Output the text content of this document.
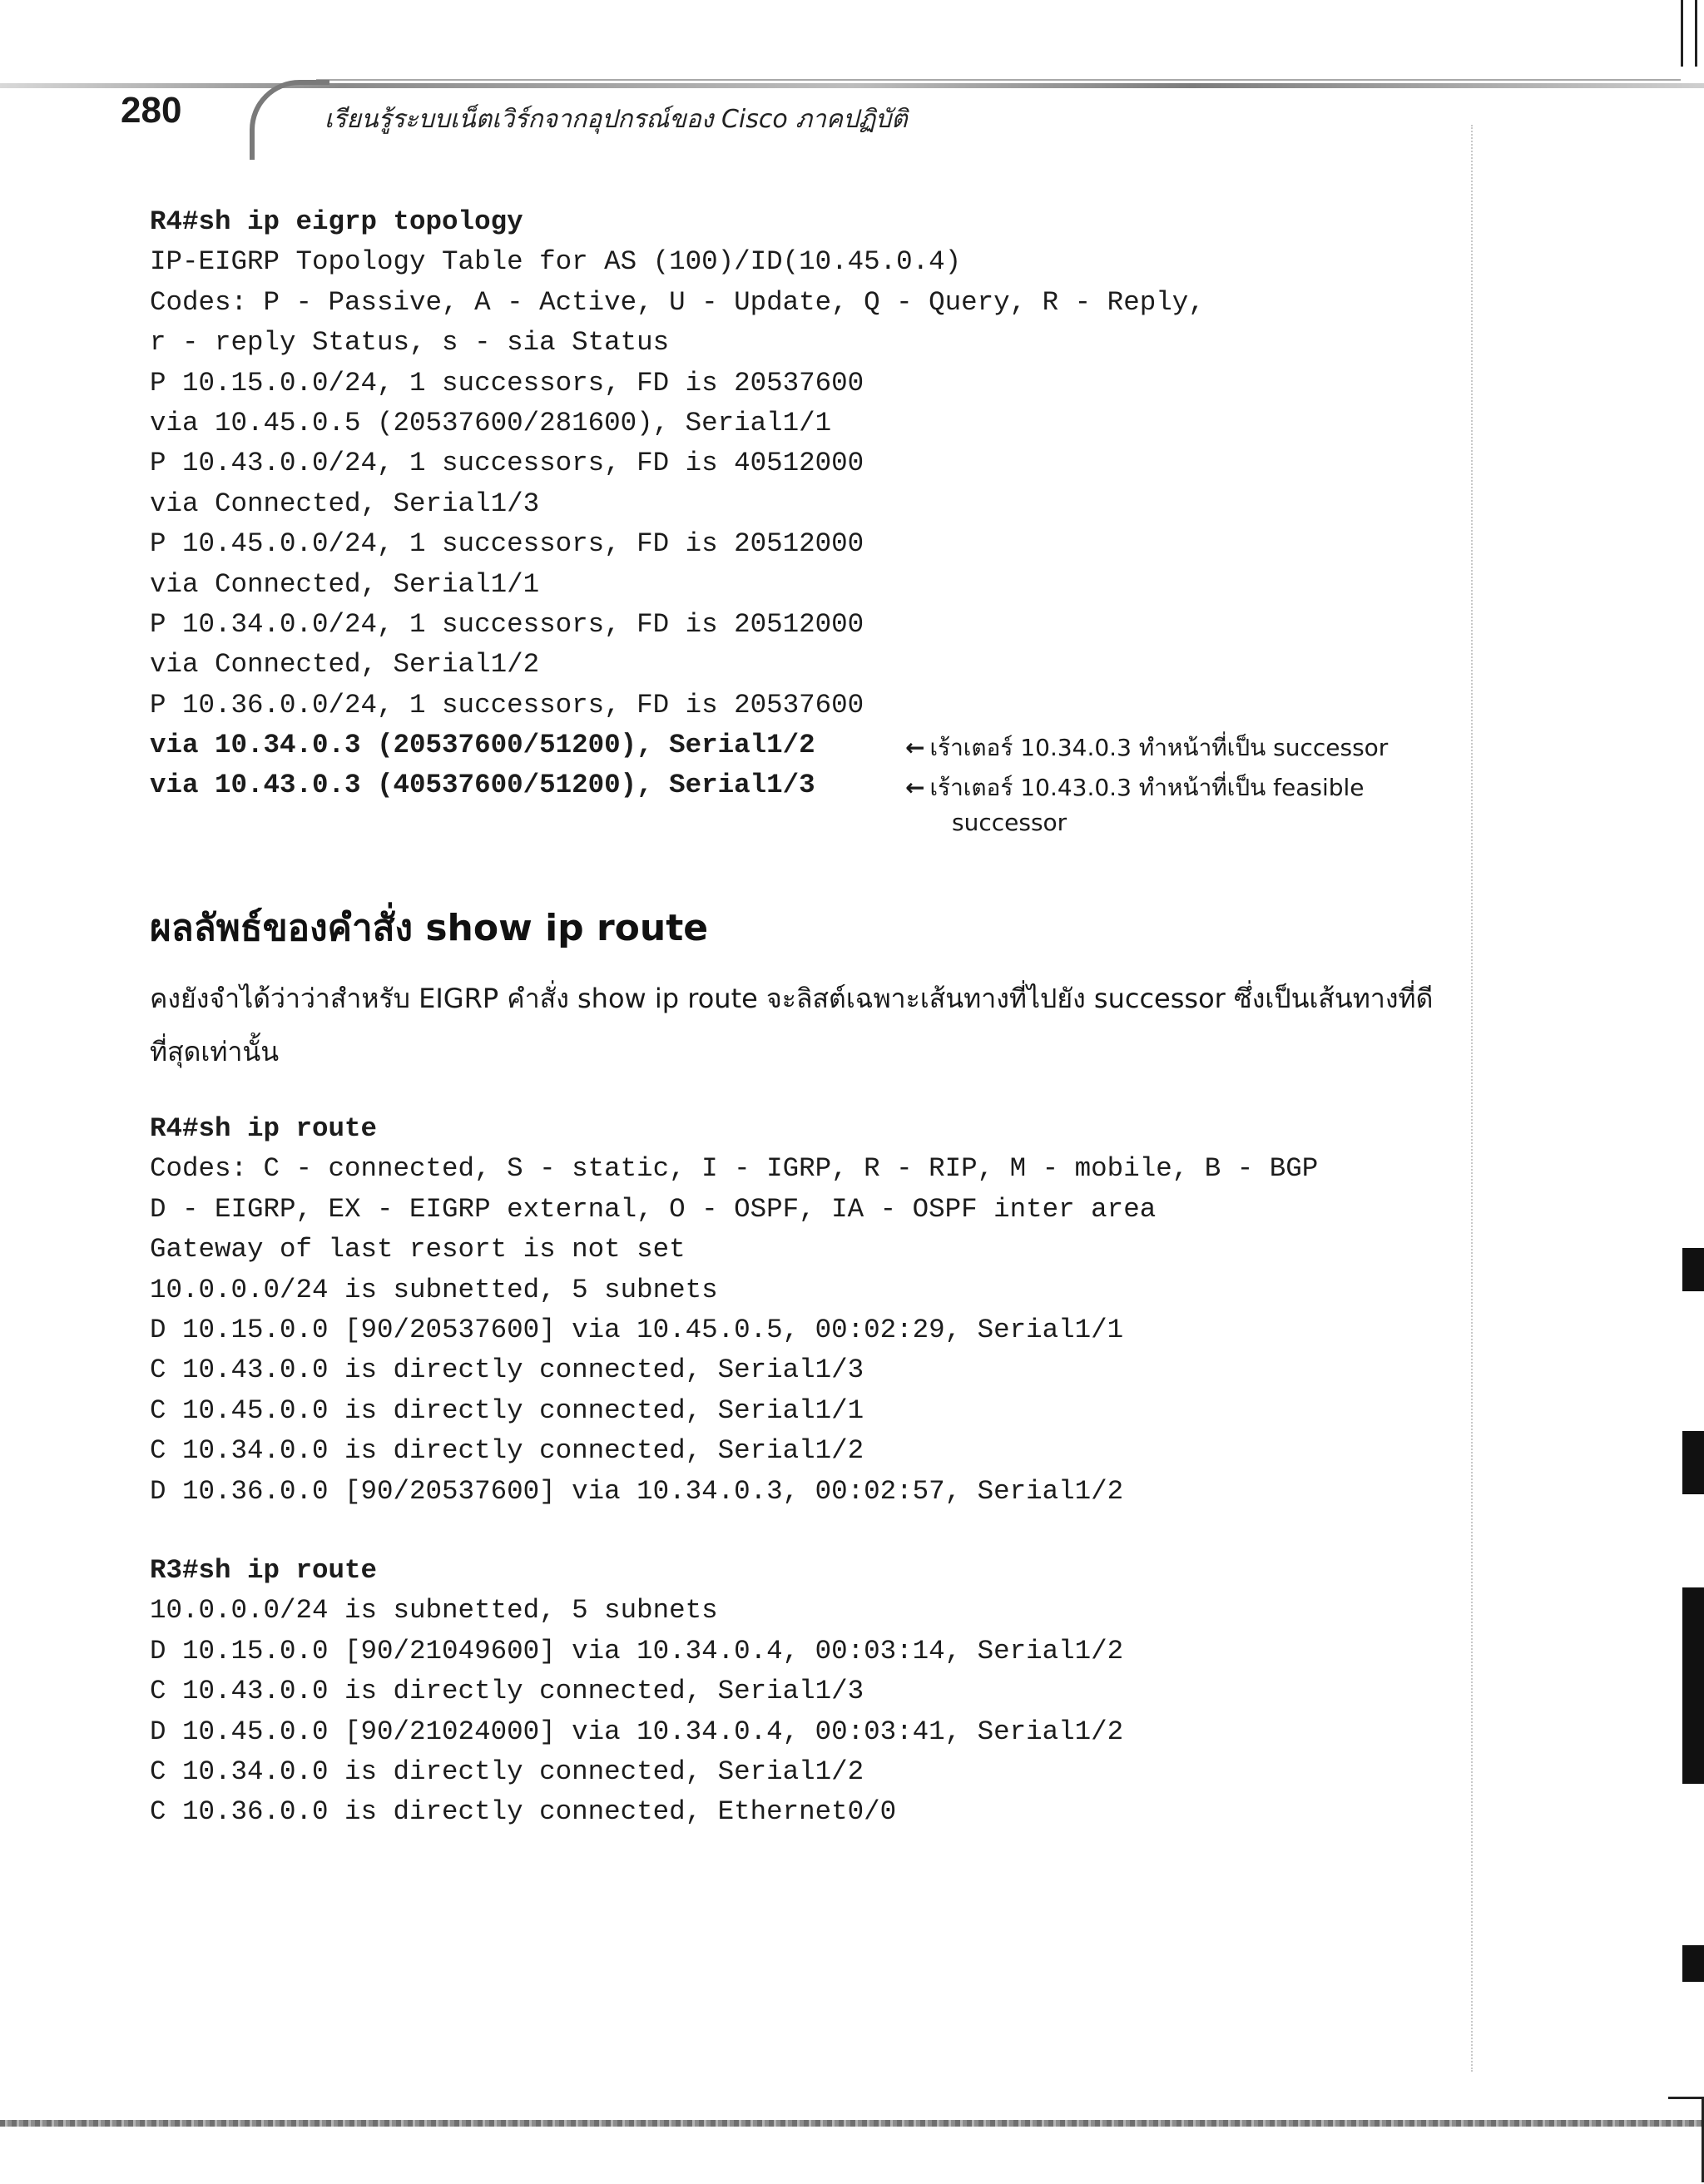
280	เรียนรู้ระบบเน็ตเวิร์กจากอุปกรณ์ของ Cisco ภาคปฏิบัติ
R4#sh ip eigrp topology
IP-EIGRP Topology Table for AS (100)/ID(10.45.0.4)
Codes: P - Passive, A - Active, U - Update, Q - Query, R - Reply,
r - reply Status, s - sia Status
P 10.15.0.0/24, 1 successors, FD is 20537600
via 10.45.0.5 (20537600/281600), Serial1/1
P 10.43.0.0/24, 1 successors, FD is 40512000
via Connected, Serial1/3
P 10.45.0.0/24, 1 successors, FD is 20512000
via Connected, Serial1/1
P 10.34.0.0/24, 1 successors, FD is 20512000
via Connected, Serial1/2
P 10.36.0.0/24, 1 successors, FD is 20537600
via 10.34.0.3 (20537600/51200), Serial1/2
via 10.43.0.3 (40537600/51200), Serial1/3
← เร้าเตอร์ 10.34.0.3 ทำหน้าที่เป็น successor
← เร้าเตอร์ 10.43.0.3 ทำหน้าที่เป็น feasible
successor
ผลลัพธ์ของคำสั่ง show ip route

คงยังจำได้ว่าว่าสำหรับ EIGRP คำสั่ง show ip route จะลิสต์เฉพาะเส้นทางที่ไปยัง successor ซึ่งเป็นเส้นทางที่ดีที่สุดเท่านั้น

R4#sh ip route
Codes: C - connected, S - static, I - IGRP, R - RIP, M - mobile, B - BGP
D - EIGRP, EX - EIGRP external, O - OSPF, IA - OSPF inter area
Gateway of last resort is not set
10.0.0.0/24 is subnetted, 5 subnets
D 10.15.0.0 [90/20537600] via 10.45.0.5, 00:02:29, Serial1/1
C 10.43.0.0 is directly connected, Serial1/3
C 10.45.0.0 is directly connected, Serial1/1
C 10.34.0.0 is directly connected, Serial1/2
D 10.36.0.0 [90/20537600] via 10.34.0.3, 00:02:57, Serial1/2
R3#sh ip route
10.0.0.0/24 is subnetted, 5 subnets
D 10.15.0.0 [90/21049600] via 10.34.0.4, 00:03:14, Serial1/2
C 10.43.0.0 is directly connected, Serial1/3
D 10.45.0.0 [90/21024000] via 10.34.0.4, 00:03:41, Serial1/2
C 10.34.0.0 is directly connected, Serial1/2
C 10.36.0.0 is directly connected, Ethernet0/0
